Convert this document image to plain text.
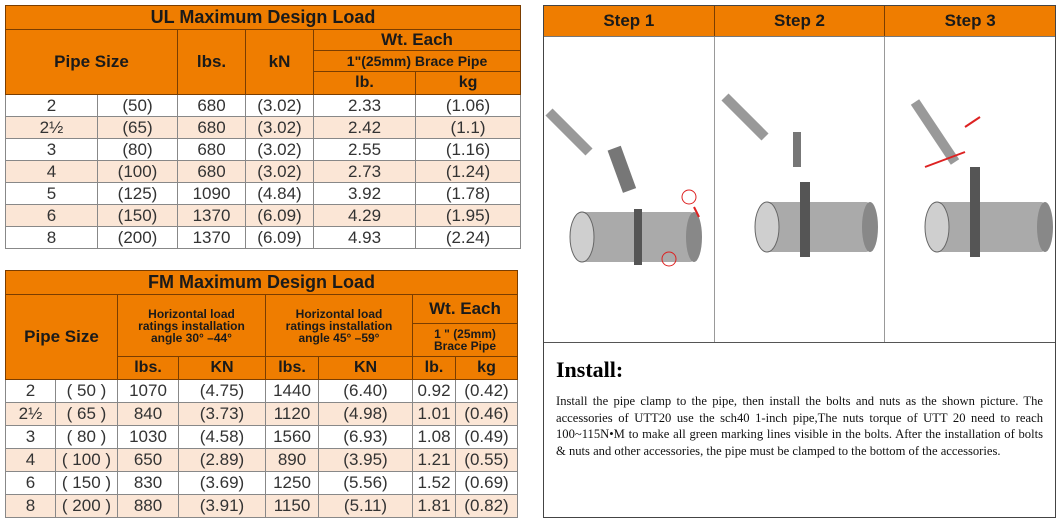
UL Maximum Design Load					
Pipe Size		lbs.	kN	Wt. Each	
				1"(25mm) Brace Pipe	
				lb.	kg
2	(50)	680	(3.02)	2.33	(1.06)
2½	(65)	680	(3.02)	2.42	(1.1)
3	(80)	680	(3.02)	2.55	(1.16)
4	(100)	680	(3.02)	2.73	(1.24)
5	(125)	1090	(4.84)	3.92	(1.78)
6	(150)	1370	(6.09)	4.29	(1.95)
8	(200)	1370	(6.09)	4.93	(2.24)
FM Maximum Design Load							
Pipe Size		Horizontal load ratings installation angle 30° –44°		Horizontal load ratings installation angle 45° –59°		Wt. Each	
						1 " (25mm) Brace Pipe	
		lbs.	KN	lbs.	KN	lb.	kg
2	( 50 )	1070	(4.75)	1440	(6.40)	0.92	(0.42)
2½	( 65 )	840	(3.73)	1120	(4.98)	1.01	(0.46)
3	( 80 )	1030	(4.58)	1560	(6.93)	1.08	(0.49)
4	( 100 )	650	(2.89)	890	(3.95)	1.21	(0.55)
6	( 150 )	830	(3.69)	1250	(5.56)	1.52	(0.69)
8	( 200 )	880	(3.91)	1150	(5.11)	1.81	(0.82)
Step 1	Step 2	Step 3
Install:

Install the pipe clamp to the pipe, then install the bolts and nuts as the shown picture. The accessories of UTT20 use the sch40 1-inch pipe,The nuts torque of UTT 20 need to reach 100~115N•M to make all green marking lines visible in the bolts. After the installation of bolts & nuts and other accessories, the pipe must be clamped to the bottom of the accessories.
